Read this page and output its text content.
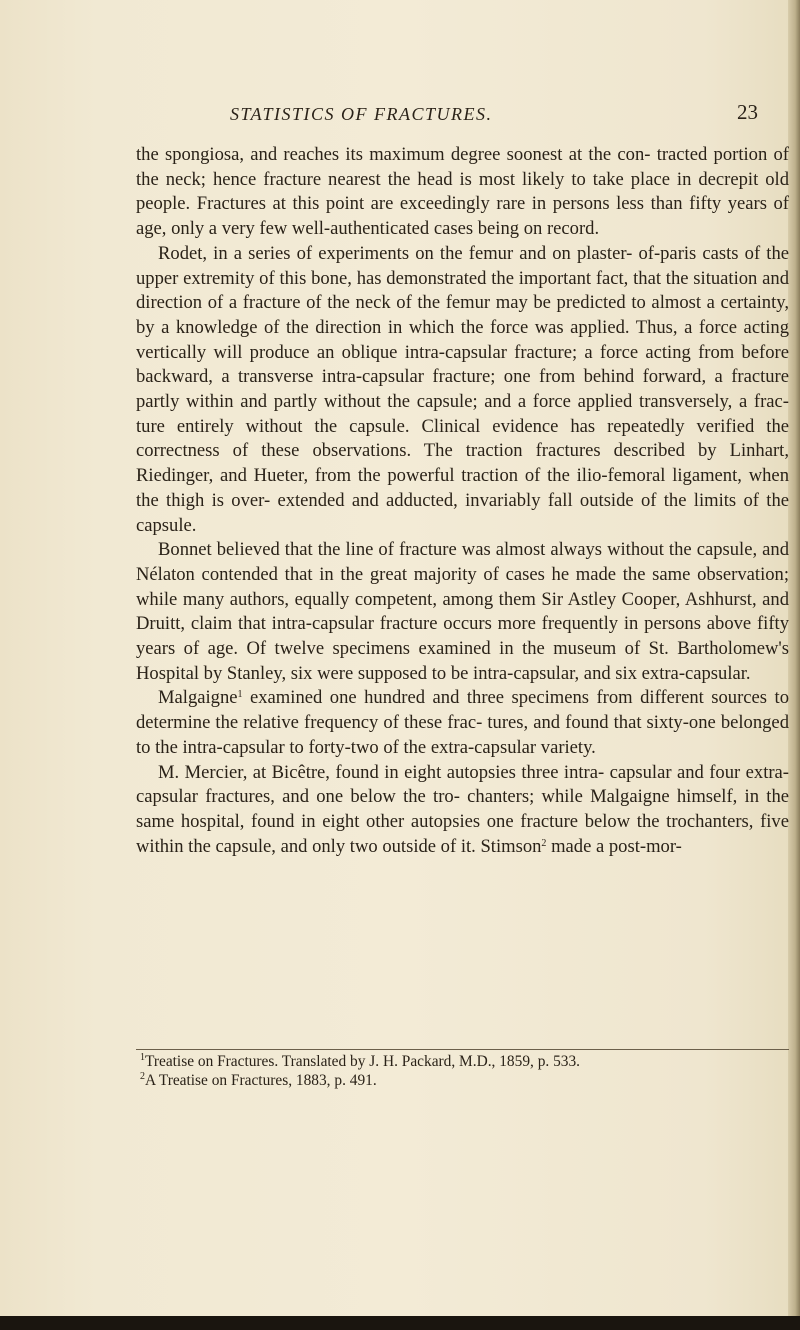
STATISTICS OF FRACTURES.	23

the spongiosa, and reaches its maximum degree soonest at the con- tracted portion of the neck; hence fracture nearest the head is most likely to take place in decrepit old people. Fractures at this point are exceedingly rare in persons less than fifty years of age, only a very few well-authenticated cases being on record.

Rodet, in a series of experiments on the femur and on plaster- of-paris casts of the upper extremity of this bone, has demonstrated the important fact, that the situation and direction of a fracture of the neck of the femur may be predicted to almost a certainty, by a knowledge of the direction in which the force was applied. Thus, a force acting vertically will produce an oblique intra-capsular fracture; a force acting from before backward, a transverse intra-capsular fracture; one from behind forward, a fracture partly within and partly without the capsule; and a force applied transversely, a frac- ture entirely without the capsule. Clinical evidence has repeatedly verified the correctness of these observations. The traction fractures described by Linhart, Riedinger, and Hueter, from the powerful traction of the ilio-femoral ligament, when the thigh is over- extended and adducted, invariably fall outside of the limits of the capsule.

Bonnet believed that the line of fracture was almost always without the capsule, and Nélaton contended that in the great majority of cases he made the same observation; while many authors, equally competent, among them Sir Astley Cooper, Ashhurst, and Druitt, claim that intra-capsular fracture occurs more frequently in persons above fifty years of age. Of twelve specimens examined in the museum of St. Bartholomew's Hospital by Stanley, six were supposed to be intra-capsular, and six extra-capsular.

Malgaigne$^1$ examined one hundred and three specimens from different sources to determine the relative frequency of these frac- tures, and found that sixty-one belonged to the intra-capsular to forty-two of the extra-capsular variety.

M. Mercier, at Bicêtre, found in eight autopsies three intra- capsular and four extra-capsular fractures, and one below the tro- chanters; while Malgaigne himself, in the same hospital, found in eight other autopsies one fracture below the trochanters, five within the capsule, and only two outside of it. Stimson$^2$ made a post-mor-

$^1$Treatise on Fractures. Translated by J. H. Packard, M.D., 1859, p. 533.
$^2$A Treatise on Fractures, 1883, p. 491.
